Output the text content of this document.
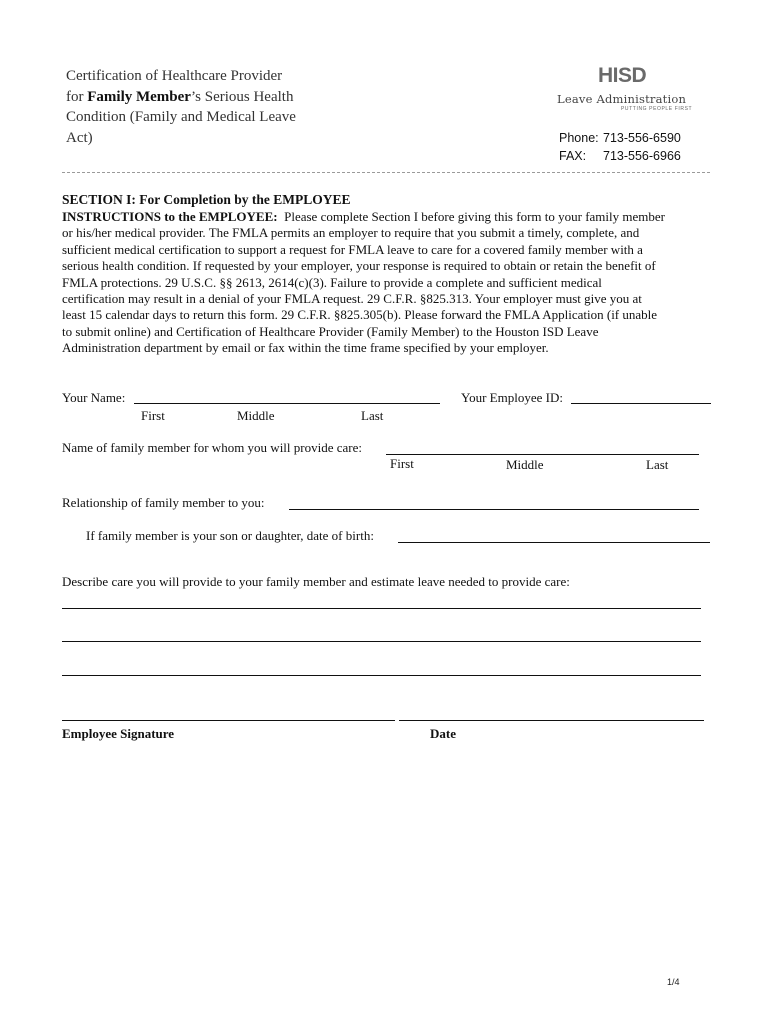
Certification of Healthcare Provider
for Family Member’s Serious Health
Condition (Family and Medical Leave
Act)
HISD
Leave Administration
PUTTING PEOPLE FIRST
Phone: 713-556-6590
FAX: 713-556-6966
SECTION I: For Completion by the EMPLOYEE

INSTRUCTIONS to the EMPLOYEE: Please complete Section I before giving this form to your family member

or his/her medical provider. The FMLA permits an employer to require that you submit a timely, complete, and

sufficient medical certification to support a request for FMLA leave to care for a covered family member with a

serious health condition. If requested by your employer, your response is required to obtain or retain the benefit of

FMLA protections. 29 U.S.C. §§ 2613, 2614(c)(3). Failure to provide a complete and sufficient medical

certification may result in a denial of your FMLA request. 29 C.F.R. §825.313. Your employer must give you at

least 15 calendar days to return this form. 29 C.F.R. §825.305(b). Please forward the FMLA Application (if unable

to submit online) and Certification of Healthcare Provider (Family Member) to the Houston ISD Leave

Administration department by email or fax within the time frame specified by your employer.

Your Name:	Your Employee ID:
First	Middle	Last
Name of family member for whom you will provide care:
First	Middle	Last
Relationship of family member to you:
If family member is your son or daughter, date of birth:
Describe care you will provide to your family member and estimate leave needed to provide care:
Employee Signature	Date
1/4
